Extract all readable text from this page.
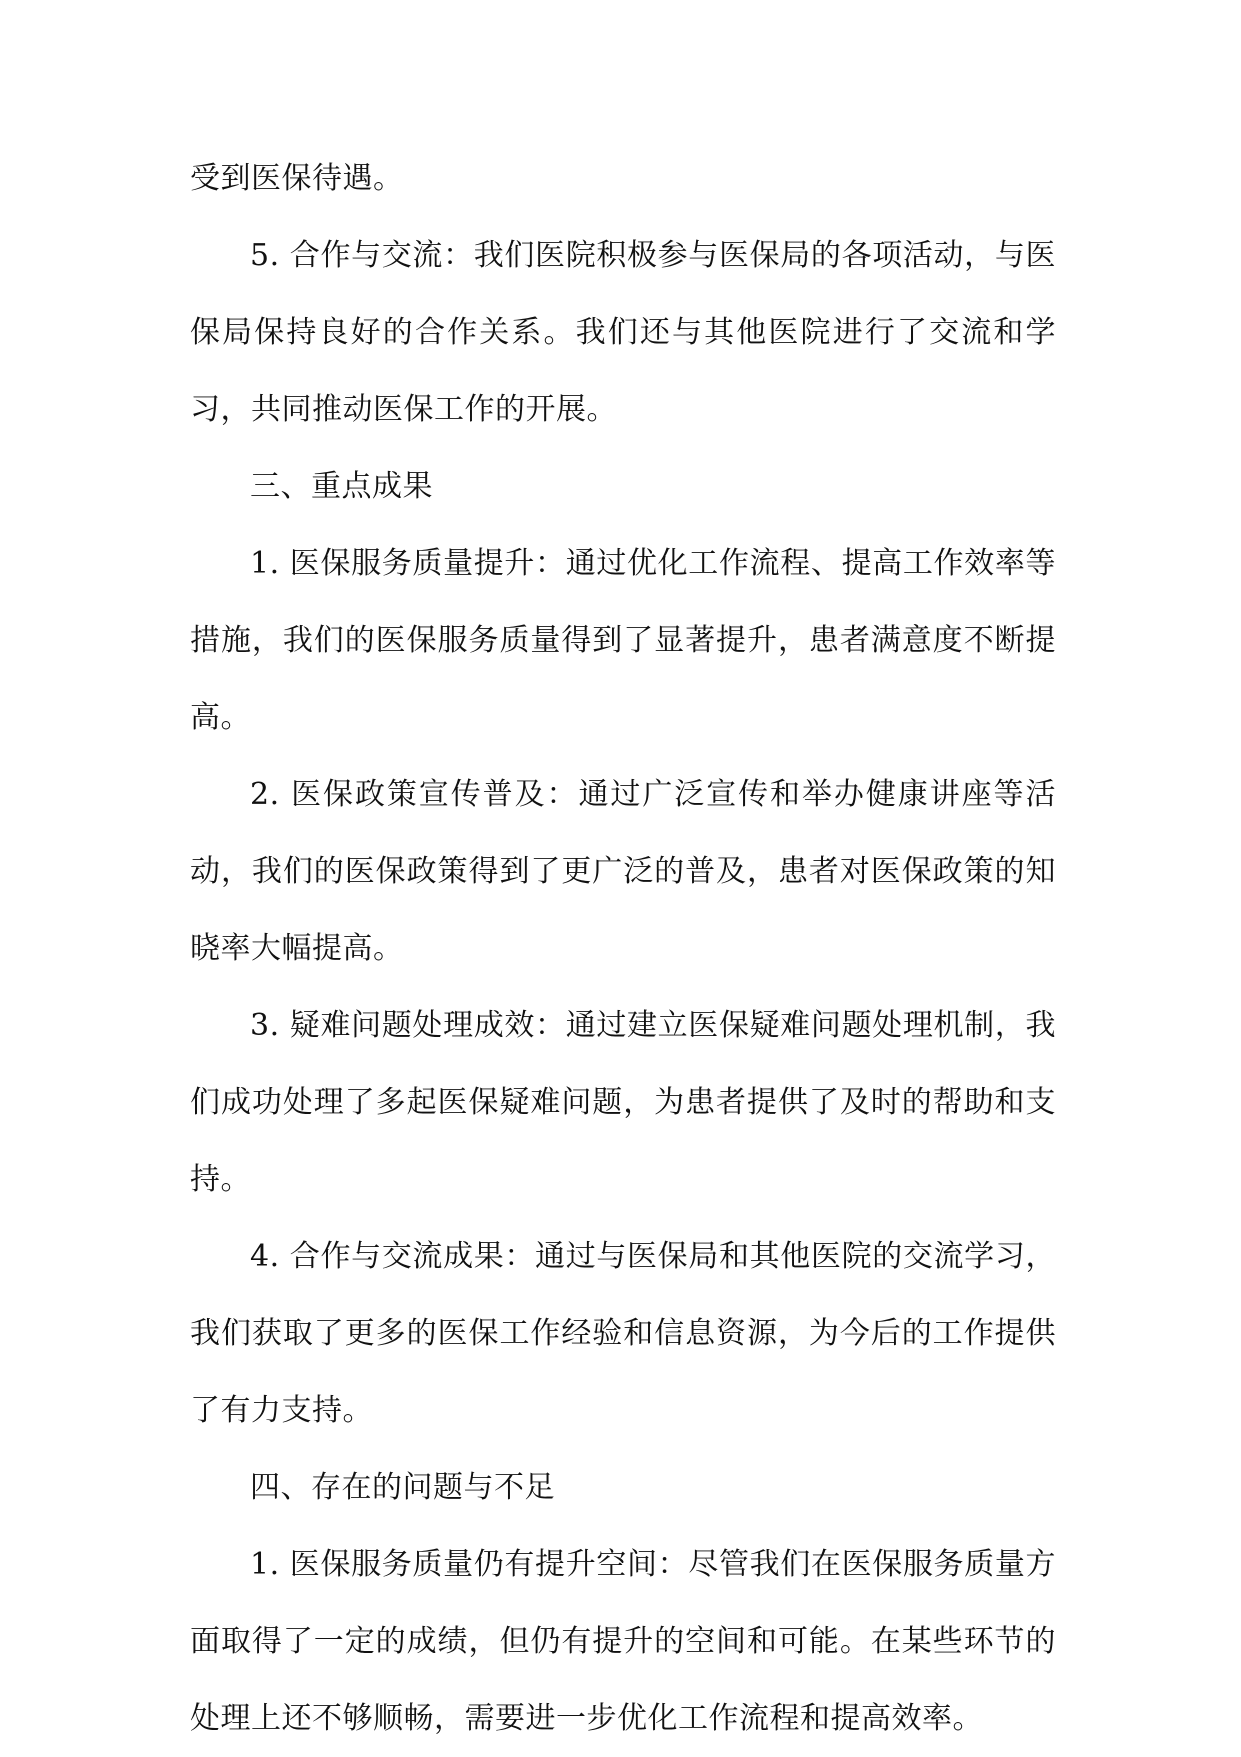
受到医保待遇。

5. 合作与交流：我们医院积极参与医保局的各项活动，与医保局保持良好的合作关系。我们还与其他医院进行了交流和学习，共同推动医保工作的开展。

三、重点成果

1. 医保服务质量提升：通过优化工作流程、提高工作效率等措施，我们的医保服务质量得到了显著提升，患者满意度不断提高。

2. 医保政策宣传普及：通过广泛宣传和举办健康讲座等活动，我们的医保政策得到了更广泛的普及，患者对医保政策的知晓率大幅提高。

3. 疑难问题处理成效：通过建立医保疑难问题处理机制，我们成功处理了多起医保疑难问题，为患者提供了及时的帮助和支持。

4. 合作与交流成果：通过与医保局和其他医院的交流学习，我们获取了更多的医保工作经验和信息资源，为今后的工作提供了有力支持。

四、存在的问题与不足

1. 医保服务质量仍有提升空间：尽管我们在医保服务质量方面取得了一定的成绩，但仍有提升的空间和可能。在某些环节的处理上还不够顺畅，需要进一步优化工作流程和提高效率。
